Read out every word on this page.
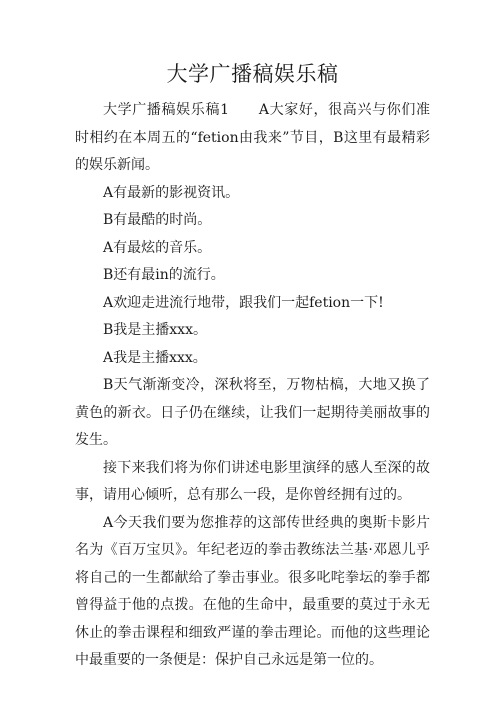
大学广播稿娱乐稿

大学广播稿娱乐稿1　　A大家好，很高兴与你们准时相约在本周五的“fetion由我来”节目，B这里有最精彩的娱乐新闻。

A有最新的影视资讯。

B有最酷的时尚。

A有最炫的音乐。

B还有最in的流行。

A欢迎走进流行地带，跟我们一起fetion一下!

B我是主播xxx。

A我是主播xxx。

B天气渐渐变冷，深秋将至，万物枯槁，大地又换了黄色的新衣。日子仍在继续，让我们一起期待美丽故事的发生。

接下来我们将为你们讲述电影里演绎的感人至深的故事，请用心倾听，总有那么一段，是你曾经拥有过的。

A今天我们要为您推荐的这部传世经典的奥斯卡影片名为《百万宝贝》。年纪老迈的拳击教练法兰基·邓恩儿乎将自己的一生都献给了拳击事业。很多叱咤拳坛的拳手都曾得益于他的点拨。在他的生命中，最重要的莫过于永无休止的拳击课程和细致严谨的拳击理论。而他的这些理论中最重要的一条便是：保护自己永远是第一位的。
